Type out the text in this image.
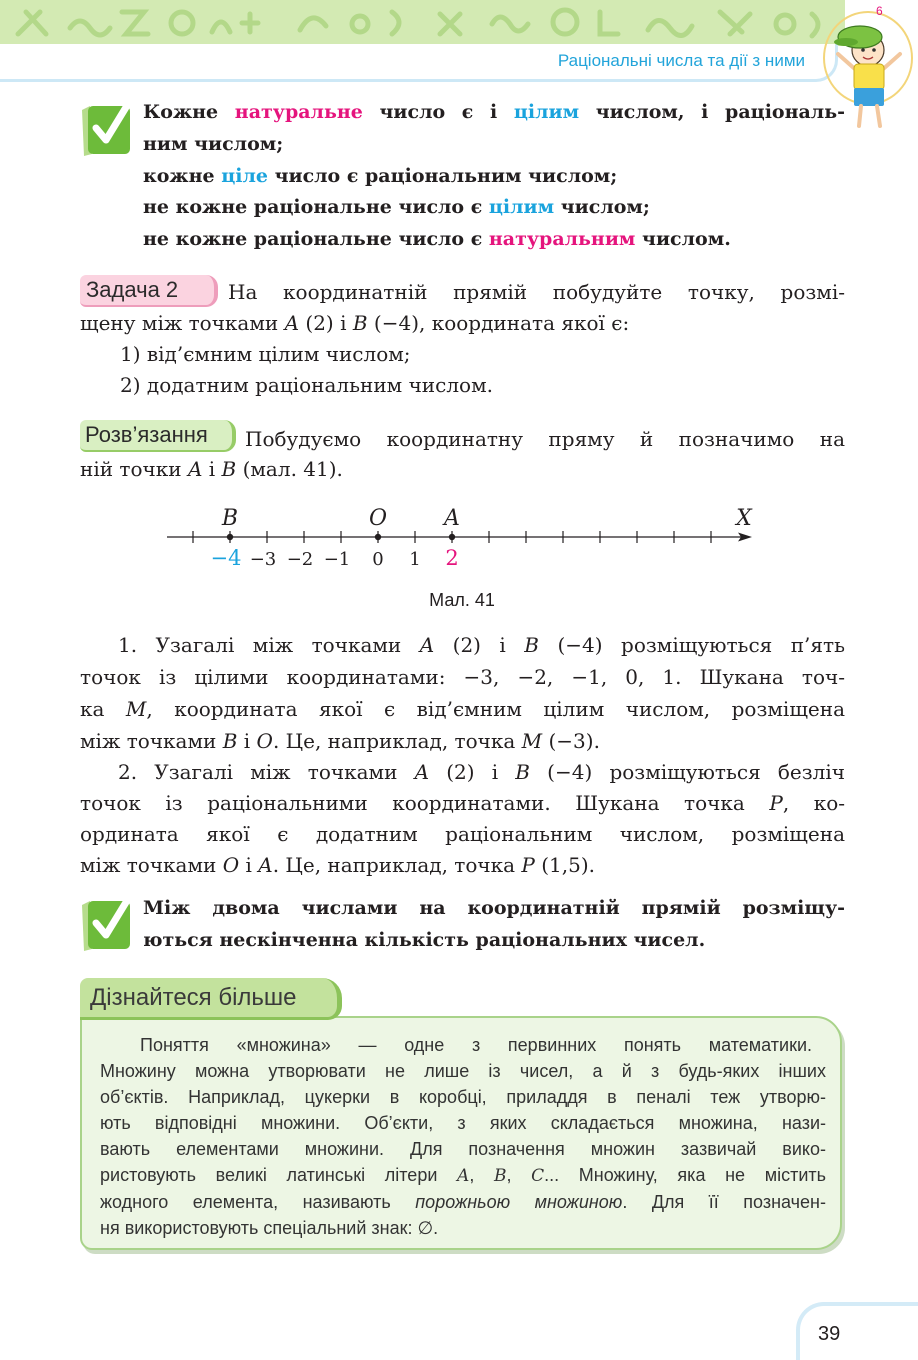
Раціональні числа та дії з ними
6
Кожне натуральне число є і цілим числом, і раціональ-
ним числом;
кожне ціле число є раціональним числом;
не кожне раціональне число є цілим числом;
не кожне раціональне число є натуральним числом.
Задача 2	На координатній прямій побудуйте точку, розмі-
щену між точками A (2) і B (−4), координата якої є:
1) від’ємним цілим числом;
2) додатним раціональним числом.
Розв’язання	Побудуємо координатну пряму й позначимо на
ній точки A і B (мал. 41).
−4 −3 −2 −1 0 1 2
B	O	A	X
Мал. 41
1. Узагалі між точками A (2) і B (−4) розміщуються п’ять
точок із цілими координатами: −3, −2, −1, 0, 1. Шукана точ-
ка M, координата якої є від’ємним цілим числом, розміщена
між точками B і O. Це, наприклад, точка M (−3).
2. Узагалі між точками A (2) і B (−4) розміщуються безліч
точок із раціональними координатами. Шукана точка P, ко-
ордината якої є додатним раціональним числом, розміщена
між точками O і A. Це, наприклад, точка P (1,5).
Між двома числами на координатній прямій розміщу-
ються нескінченна кількість раціональних чисел.
Дізнайтеся більше
Поняття «множина» — одне з первинних понять математики.
Множину можна утворювати не лише із чисел, а й з будь-яких інших
об’єктів. Наприклад, цукерки в коробці, приладдя в пеналі теж утворю-
ють відповідні множини. Об’єкти, з яких складається множина, нази-
вають елементами множини. Для позначення множин зазвичай вико-
ристовують великі латинські літери A, B, C... Множину, яка не містить
жодного елемента, називають порожньою множиною. Для її позначен-
ня використовують спеціальний знак: ∅.
39
